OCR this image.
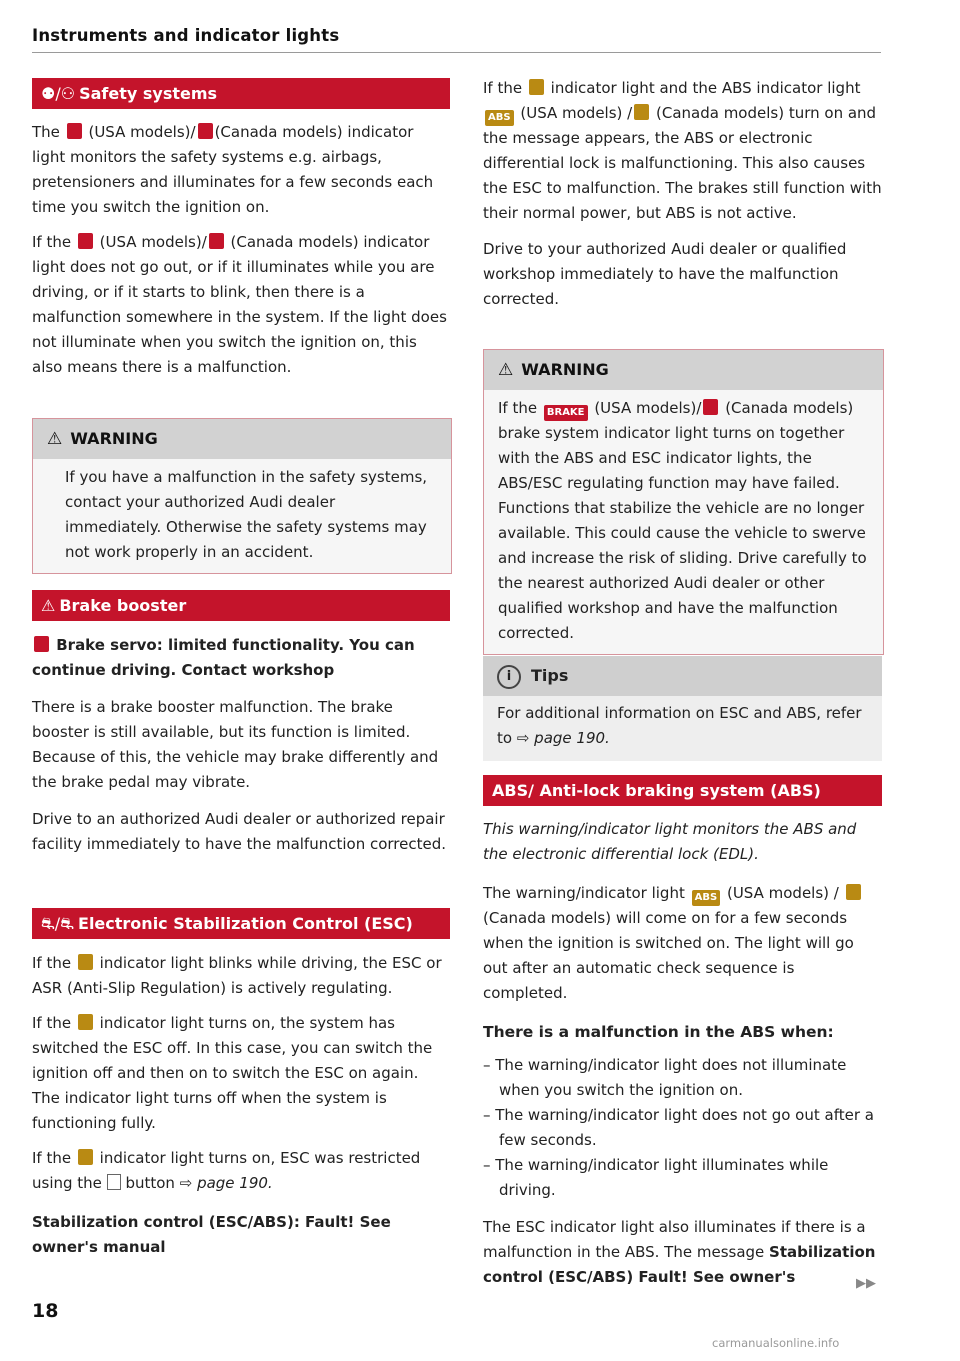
Instruments and indicator lights
⚉/⚇ Safety systems

The (USA models)/ (Canada models) indicator light monitors the safety systems e.g. airbags, pretensioners and illuminates for a few seconds each time you switch the ignition on.

If the (USA models)/ (Canada models) indicator light does not go out, or if it illuminates while you are driving, or if it starts to blink, then there is a malfunction somewhere in the system. If the light does not illuminate when you switch the ignition on, this also means there is a malfunction.

⚠ WARNING

If you have a malfunction in the safety systems, contact your authorized Audi dealer immediately. Otherwise the safety systems may not work properly in an accident.

⚠ Brake booster

Brake servo: limited functionality. You can continue driving. Contact workshop

There is a brake booster malfunction. The brake booster is still available, but its function is limited. Because of this, the vehicle may brake differently and the brake pedal may vibrate.

Drive to an authorized Audi dealer or authorized repair facility immediately to have the malfunction corrected.

⛐/⛐ Electronic Stabilization Control (ESC)

If the indicator light blinks while driving, the ESC or ASR (Anti-Slip Regulation) is actively regulating.

If the indicator light turns on, the system has switched the ESC off. In this case, you can switch the ignition off and then on to switch the ESC on again. The indicator light turns off when the system is functioning fully.

If the indicator light turns on, ESC was restricted using the button ⇨ page 190.

Stabilization control (ESC/ABS): Fault! See owner's manual

If the indicator light and the ABS indicator light ABS (USA models) / (Canada models) turn on and the message appears, the ABS or electronic differential lock is malfunctioning. This also causes the ESC to malfunction. The brakes still function with their normal power, but ABS is not active.

Drive to your authorized Audi dealer or qualified workshop immediately to have the malfunction corrected.

⚠ WARNING

If the BRAKE (USA models)/ (Canada models) brake system indicator light turns on together with the ABS and ESC indicator lights, the ABS/ESC regulating function may have failed. Functions that stabilize the vehicle are no longer available. This could cause the vehicle to swerve and increase the risk of sliding. Drive carefully to the nearest authorized Audi dealer or other qualified workshop and have the malfunction corrected.

i Tips

For additional information on ESC and ABS, refer to ⇨ page 190.

ABS/ Anti-lock braking system (ABS)

This warning/indicator light monitors the ABS and the electronic differential lock (EDL).

The warning/indicator light ABS (USA models) /  (Canada models) will come on for a few seconds when the ignition is switched on. The light will go out after an automatic check sequence is completed.

There is a malfunction in the ABS when:

– The warning/indicator light does not illuminate when you switch the ignition on.

– The warning/indicator light does not go out after a few seconds.

– The warning/indicator light illuminates while driving.

The ESC indicator light also illuminates if there is a malfunction in the ABS. The message Stabilization control (ESC/ABS) Fault! See owner's	▶▶
18
carmanualsonline.info
